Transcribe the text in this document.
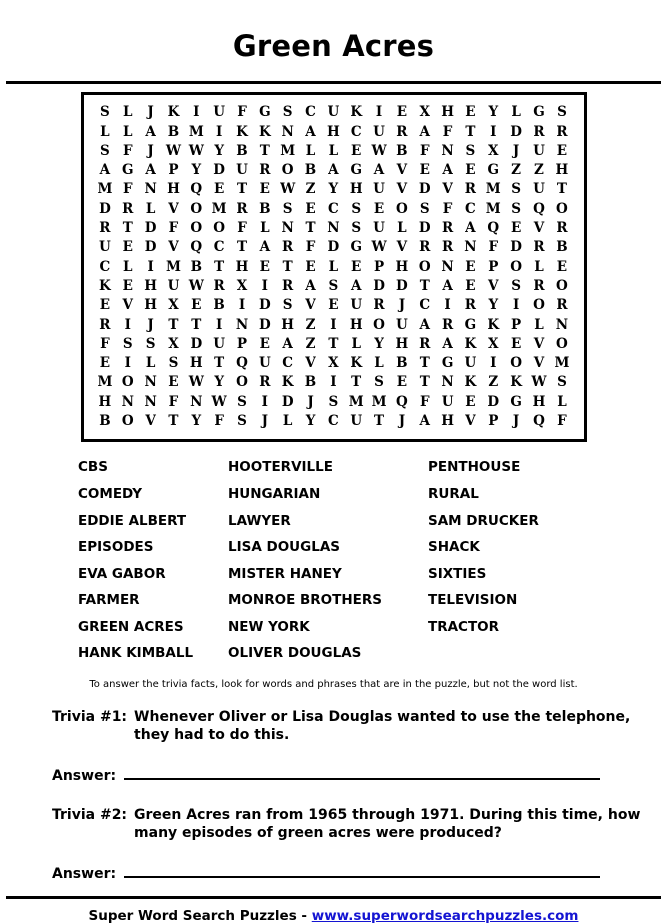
Green Acres
S	L	J	K	I	U	F	G	S	C	U	K	I	E	X	H	E	Y	L	G	S
L	L	A	B	M	I	K	K	N	A	H	C	U	R	A	F	T	I	D	R	R
S	F	J	W	W	Y	B	T	M	L	L	E	W	B	F	N	S	X	J	U	E
A	G	A	P	Y	D	U	R	O	B	A	G	A	V	E	A	E	G	Z	Z	H
M	F	N	H	Q	E	T	E	W	Z	Y	H	U	V	D	V	R	M	S	U	T
D	R	L	V	O	M	R	B	S	E	C	S	E	O	S	F	C	M	S	Q	O
R	T	D	F	O	O	F	L	N	T	N	S	U	L	D	R	A	Q	E	V	R
U	E	D	V	Q	C	T	A	R	F	D	G	W	V	R	R	N	F	D	R	B
C	L	I	M	B	T	H	E	T	E	L	E	P	H	O	N	E	P	O	L	E
K	E	H	U	W	R	X	I	R	A	S	A	D	D	T	A	E	V	S	R	O
E	V	H	X	E	B	I	D	S	V	E	U	R	J	C	I	R	Y	I	O	R
R	I	J	T	T	I	N	D	H	Z	I	H	O	U	A	R	G	K	P	L	N
F	S	S	X	D	U	P	E	A	Z	T	L	Y	H	R	A	K	X	E	V	O
E	I	L	S	H	T	Q	U	C	V	X	K	L	B	T	G	U	I	O	V	M
M	O	N	E	W	Y	O	R	K	B	I	T	S	E	T	N	K	Z	K	W	S
H	N	N	F	N	W	S	I	D	J	S	M	M	Q	F	U	E	D	G	H	L
B	O	V	T	Y	F	S	J	L	Y	C	U	T	J	A	H	V	P	J	Q	F
CBS
COMEDY
EDDIE ALBERT
EPISODES
EVA GABOR
FARMER
GREEN ACRES
HANK KIMBALL
HOOTERVILLE
HUNGARIAN
LAWYER
LISA DOUGLAS
MISTER HANEY
MONROE BROTHERS
NEW YORK
OLIVER DOUGLAS
PENTHOUSE
RURAL
SAM DRUCKER
SHACK
SIXTIES
TELEVISION
TRACTOR
To answer the trivia facts, look for words and phrases that are in the puzzle, but not the word list.
Trivia #1: Whenever Oliver or Lisa Douglas wanted to use the telephone, they had to do this.
Answer:
Trivia #2: Green Acres ran from 1965 through 1971. During this time, how many episodes of green acres were produced?
Answer:
Super Word Search Puzzles - www.superwordsearchpuzzles.com
